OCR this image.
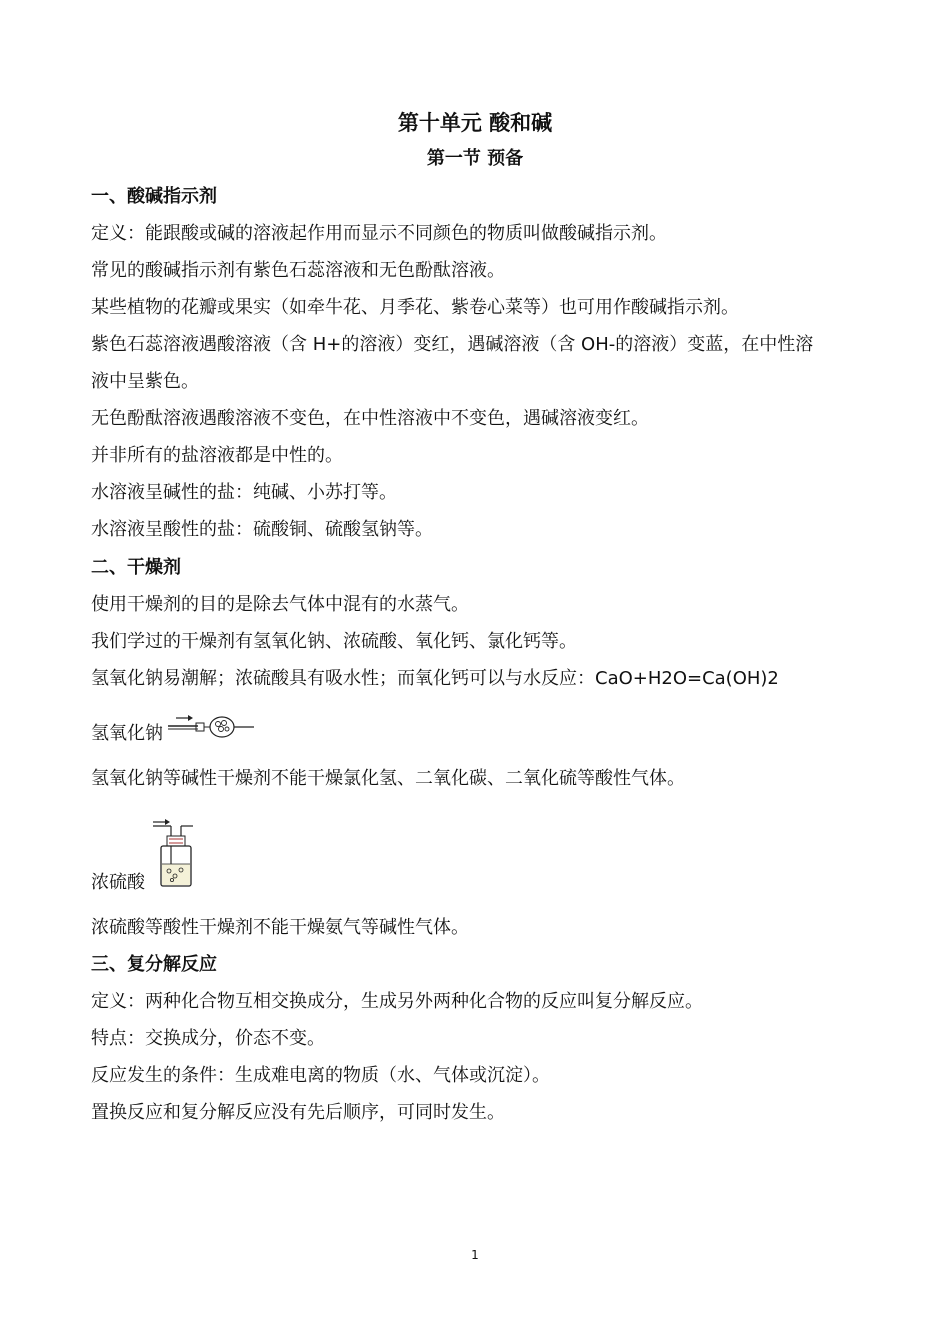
第十单元 酸和碱
第一节 预备
一、酸碱指示剂
定义：能跟酸或碱的溶液起作用而显示不同颜色的物质叫做酸碱指示剂。
常见的酸碱指示剂有紫色石蕊溶液和无色酚酞溶液。
某些植物的花瓣或果实（如牵牛花、月季花、紫卷心菜等）也可用作酸碱指示剂。
紫色石蕊溶液遇酸溶液（含 H+的溶液）变红，遇碱溶液（含 OH-的溶液）变蓝，在中性溶
液中呈紫色。
无色酚酞溶液遇酸溶液不变色，在中性溶液中不变色，遇碱溶液变红。
并非所有的盐溶液都是中性的。
水溶液呈碱性的盐：纯碱、小苏打等。
水溶液呈酸性的盐：硫酸铜、硫酸氢钠等。
二、干燥剂
使用干燥剂的目的是除去气体中混有的水蒸气。
我们学过的干燥剂有氢氧化钠、浓硫酸、氧化钙、氯化钙等。
氢氧化钠易潮解；浓硫酸具有吸水性；而氧化钙可以与水反应：CaO+H2O=Ca(OH)2
氢氧化钠
氢氧化钠等碱性干燥剂不能干燥氯化氢、二氧化碳、二氧化硫等酸性气体。
浓硫酸
浓硫酸等酸性干燥剂不能干燥氨气等碱性气体。
三、复分解反应
定义：两种化合物互相交换成分，生成另外两种化合物的反应叫复分解反应。
特点：交换成分，价态不变。
反应发生的条件：生成难电离的物质（水、气体或沉淀）。
置换反应和复分解反应没有先后顺序，可同时发生。
1
